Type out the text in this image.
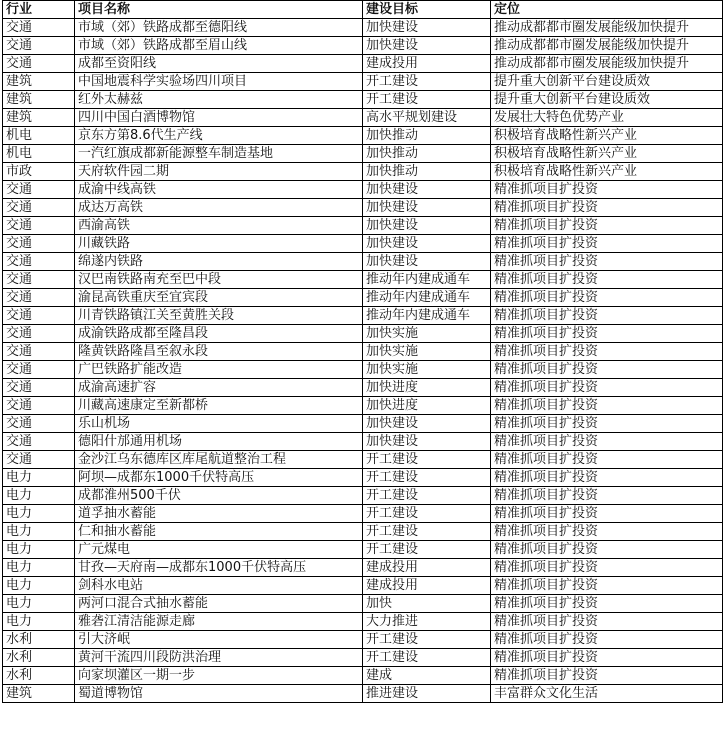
行业	项目名称	建设目标	定位
交通	市域（郊）铁路成都至德阳线	加快建设	推动成都都市圈发展能级加快提升
交通	市域（郊）铁路成都至眉山线	加快建设	推动成都都市圈发展能级加快提升
交通	成都至资阳线	建成投用	推动成都都市圈发展能级加快提升
建筑	中国地震科学实验场四川项目	开工建设	提升重大创新平台建设质效
建筑	红外太赫兹	开工建设	提升重大创新平台建设质效
建筑	四川中国白酒博物馆	高水平规划建设	发展壮大特色优势产业
机电	京东方第8.6代生产线	加快推动	积极培育战略性新兴产业
机电	一汽红旗成都新能源整车制造基地	加快推动	积极培育战略性新兴产业
市政	天府软件园二期	加快推动	积极培育战略性新兴产业
交通	成渝中线高铁	加快建设	精准抓项目扩投资
交通	成达万高铁	加快建设	精准抓项目扩投资
交通	西渝高铁	加快建设	精准抓项目扩投资
交通	川藏铁路	加快建设	精准抓项目扩投资
交通	绵遂内铁路	加快建设	精准抓项目扩投资
交通	汉巴南铁路南充至巴中段	推动年内建成通车	精准抓项目扩投资
交通	渝昆高铁重庆至宜宾段	推动年内建成通车	精准抓项目扩投资
交通	川青铁路镇江关至黄胜关段	推动年内建成通车	精准抓项目扩投资
交通	成渝铁路成都至隆昌段	加快实施	精准抓项目扩投资
交通	隆黄铁路隆昌至叙永段	加快实施	精准抓项目扩投资
交通	广巴铁路扩能改造	加快实施	精准抓项目扩投资
交通	成渝高速扩容	加快进度	精准抓项目扩投资
交通	川藏高速康定至新都桥	加快进度	精准抓项目扩投资
交通	乐山机场	加快建设	精准抓项目扩投资
交通	德阳什邡通用机场	加快建设	精准抓项目扩投资
交通	金沙江乌东德库区库尾航道整治工程	开工建设	精准抓项目扩投资
电力	阿坝—成都东1000千伏特高压	开工建设	精准抓项目扩投资
电力	成都淮州500千伏	开工建设	精准抓项目扩投资
电力	道孚抽水蓄能	开工建设	精准抓项目扩投资
电力	仁和抽水蓄能	开工建设	精准抓项目扩投资
电力	广元煤电	开工建设	精准抓项目扩投资
电力	甘孜—天府南—成都东1000千伏特高压	建成投用	精准抓项目扩投资
电力	剑科水电站	建成投用	精准抓项目扩投资
电力	两河口混合式抽水蓄能	加快	精准抓项目扩投资
电力	雅砻江清洁能源走廊	大力推进	精准抓项目扩投资
水利	引大济岷	开工建设	精准抓项目扩投资
水利	黄河干流四川段防洪治理	开工建设	精准抓项目扩投资
水利	向家坝灌区一期一步	建成	精准抓项目扩投资
建筑	蜀道博物馆	推进建设	丰富群众文化生活
